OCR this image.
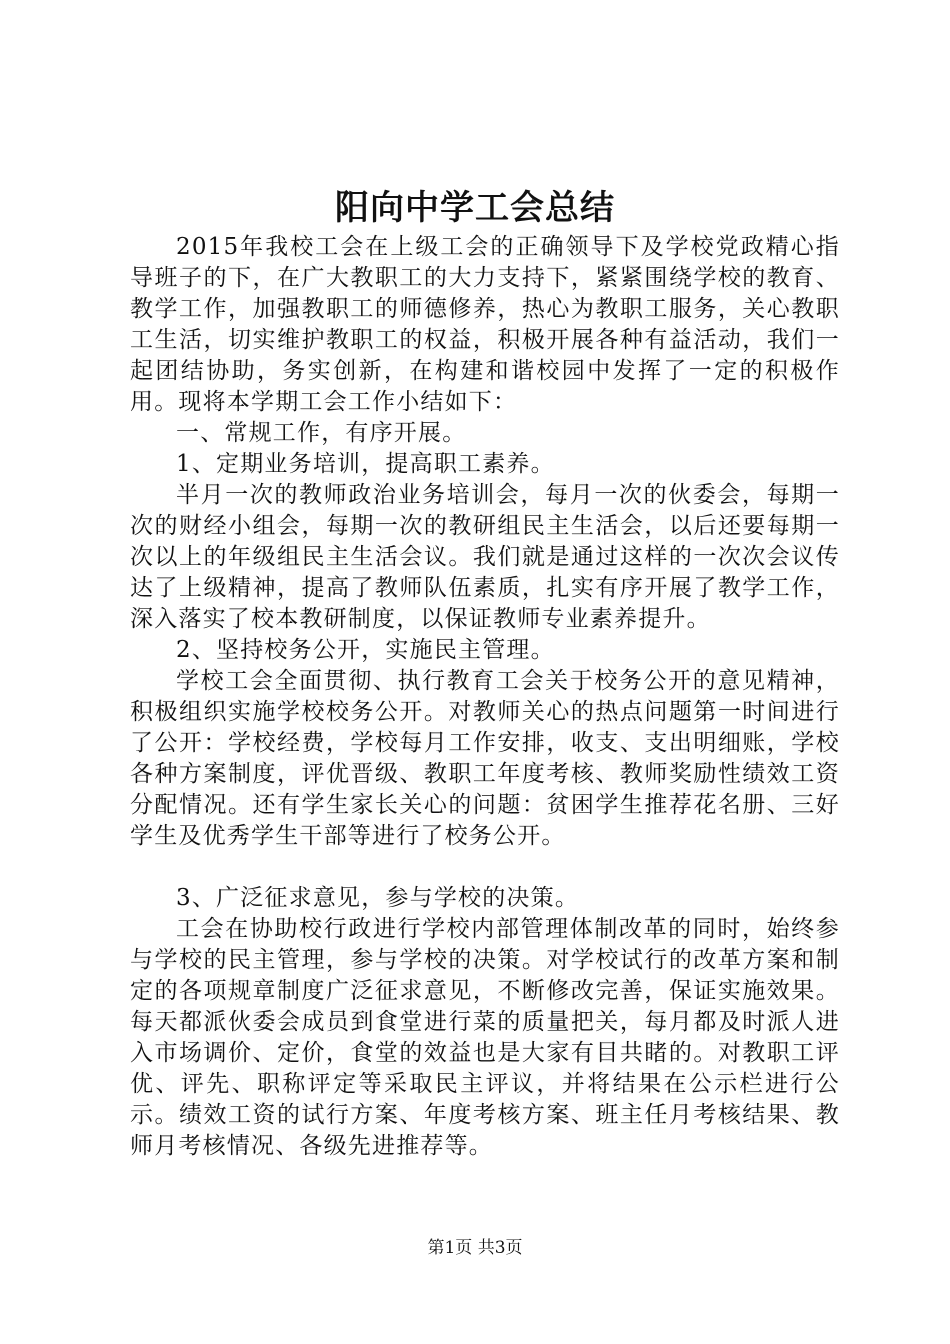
阳向中学工会总结

2015年我校工会在上级工会的正确领导下及学校党政精心指导班子的下，在广大教职工的大力支持下，紧紧围绕学校的教育、教学工作，加强教职工的师德修养，热心为教职工服务，关心教职工生活，切实维护教职工的权益，积极开展各种有益活动，我们一起团结协助，务实创新，在构建和谐校园中发挥了一定的积极作用。现将本学期工会工作小结如下：

一、常规工作，有序开展。

1、定期业务培训，提高职工素养。

半月一次的教师政治业务培训会，每月一次的伙委会，每期一次的财经小组会，每期一次的教研组民主生活会，以后还要每期一次以上的年级组民主生活会议。我们就是通过这样的一次次会议传达了上级精神，提高了教师队伍素质，扎实有序开展了教学工作，深入落实了校本教研制度，以保证教师专业素养提升。

2、坚持校务公开，实施民主管理。

学校工会全面贯彻、执行教育工会关于校务公开的意见精神，积极组织实施学校校务公开。对教师关心的热点问题第一时间进行了公开：学校经费，学校每月工作安排，收支、支出明细账，学校各种方案制度，评优晋级、教职工年度考核、教师奖励性绩效工资分配情况。还有学生家长关心的问题：贫困学生推荐花名册、三好学生及优秀学生干部等进行了校务公开。

3、广泛征求意见，参与学校的决策。

工会在协助校行政进行学校内部管理体制改革的同时，始终参与学校的民主管理，参与学校的决策。对学校试行的改革方案和制定的各项规章制度广泛征求意见，不断修改完善，保证实施效果。每天都派伙委会成员到食堂进行菜的质量把关，每月都及时派人进入市场调价、定价，食堂的效益也是大家有目共睹的。对教职工评优、评先、职称评定等采取民主评议，并将结果在公示栏进行公示。绩效工资的试行方案、年度考核方案、班主任月考核结果、教师月考核情况、各级先进推荐等。

第1页 共3页
